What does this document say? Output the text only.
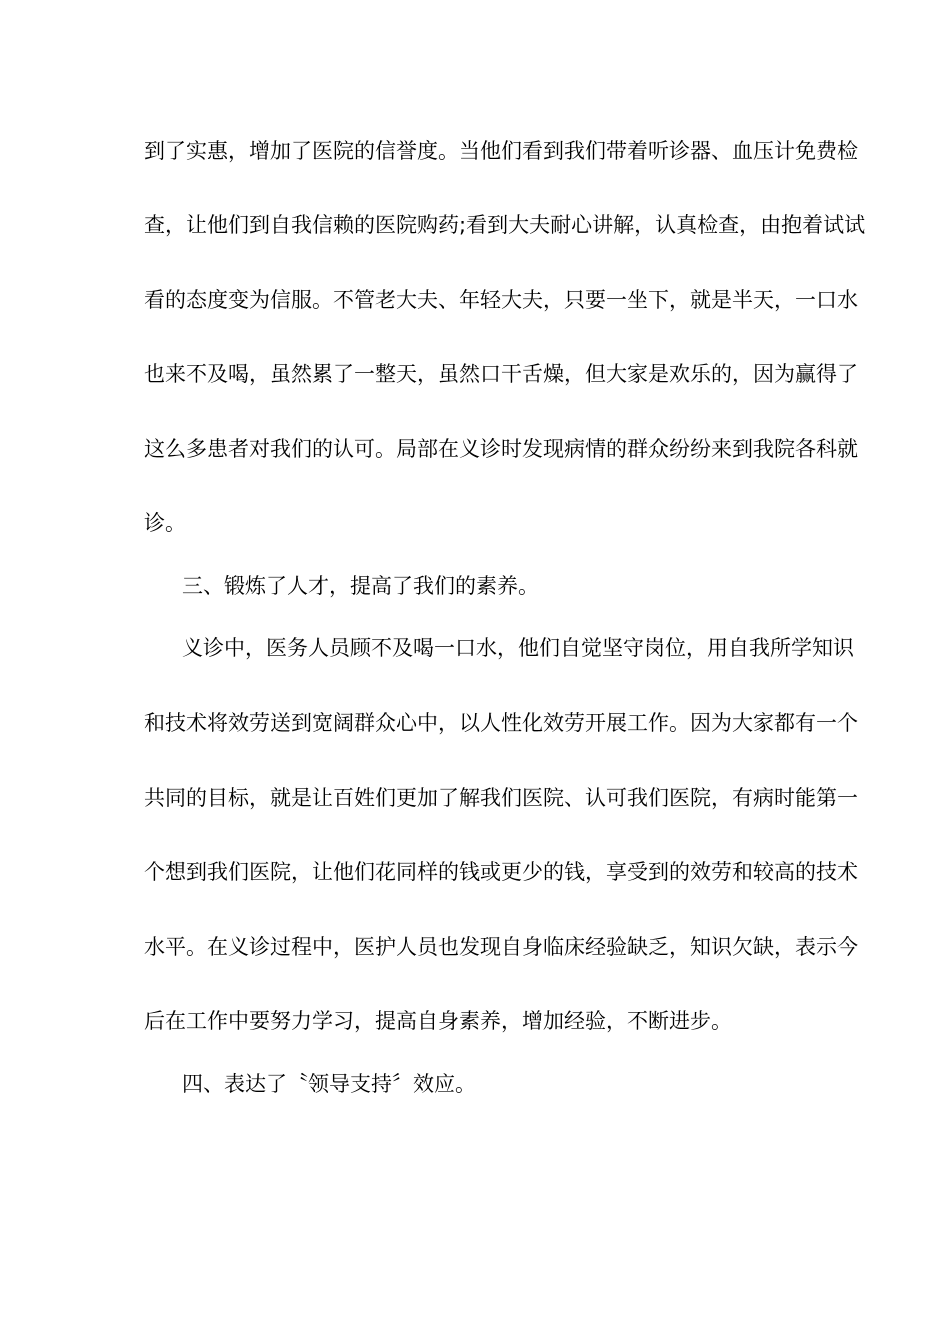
到了实惠，增加了医院的信誉度。当他们看到我们带着听诊器、血压计免费检
查，让他们到自我信赖的医院购药;看到大夫耐心讲解，认真检查，由抱着试试
看的态度变为信服。不管老大夫、年轻大夫，只要一坐下，就是半天，一口水
也来不及喝，虽然累了一整天，虽然口干舌燥，但大家是欢乐的，因为赢得了
这么多患者对我们的认可。局部在义诊时发现病情的群众纷纷来到我院各科就
诊。
三、锻炼了人才，提高了我们的素养。
义诊中，医务人员顾不及喝一口水，他们自觉坚守岗位，用自我所学知识
和技术将效劳送到宽阔群众心中，以人性化效劳开展工作。因为大家都有一个
共同的目标，就是让百姓们更加了解我们医院、认可我们医院，有病时能第一
个想到我们医院，让他们花同样的钱或更少的钱，享受到的效劳和较高的技术
水平。在义诊过程中，医护人员也发现自身临床经验缺乏，知识欠缺，表示今
后在工作中要努力学习，提高自身素养，增加经验，不断进步。
四、表达了〝领导支持〞效应。
